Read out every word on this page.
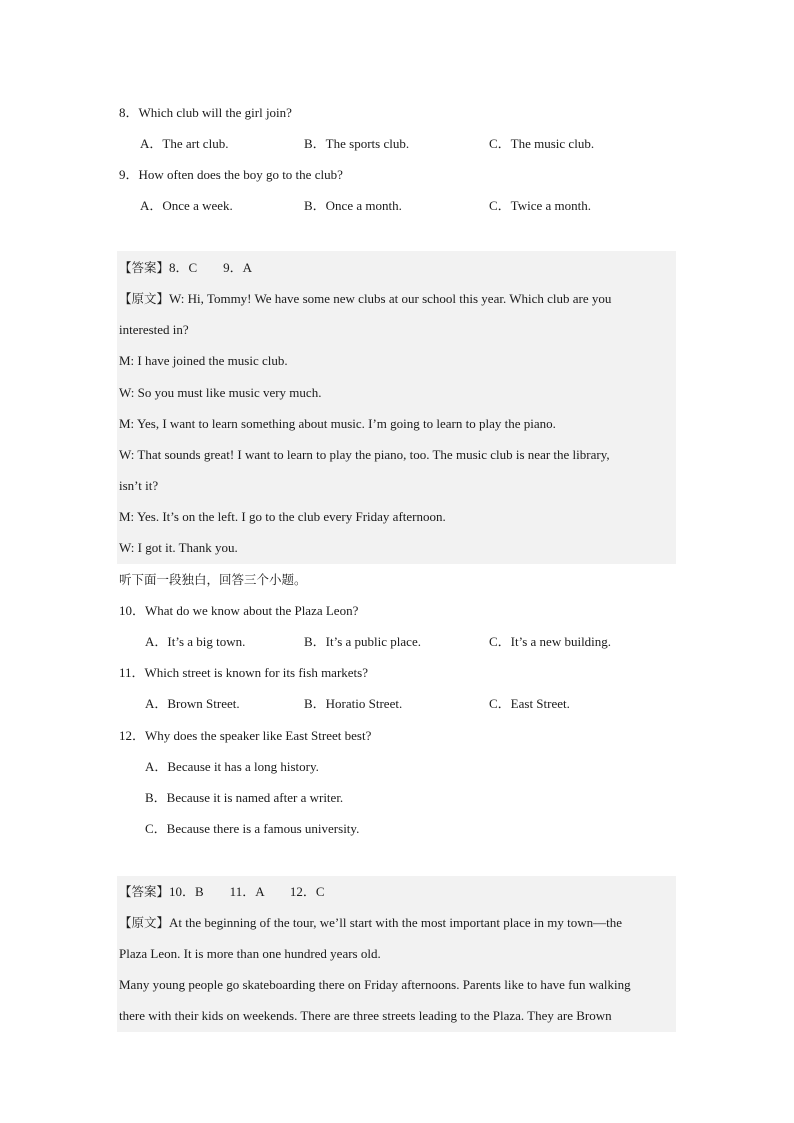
8．Which club will the girl join?
A．The art club.	B．The sports club.	C．The music club.
9．How often does the boy go to the club?
A．Once a week.	B．Once a month.	C．Twice a month.
【答案】8．C　　9．A
【原文】W: Hi, Tommy! We have some new clubs at our school this year. Which club are you
interested in?
M: I have joined the music club.
W: So you must like music very much.
M: Yes, I want to learn something about music. I’m going to learn to play the piano.
W: That sounds great! I want to learn to play the piano, too. The music club is near the library,
isn’t it?
M: Yes. It’s on the left. I go to the club every Friday afternoon.
W: I got it. Thank you.
听下面一段独白，回答三个小题。
10．What do we know about the Plaza Leon?
A．It’s a big town.	B．It’s a public place.	C．It’s a new building.
11．Which street is known for its fish markets?
A．Brown Street.	B．Horatio Street.	C．East Street.
12．Why does the speaker like East Street best?
A．Because it has a long history.
B．Because it is named after a writer.
C．Because there is a famous university.
【答案】10．B　　11．A　　12．C
【原文】At the beginning of the tour, we’ll start with the most important place in my town—the
Plaza Leon. It is more than one hundred years old.
Many young people go skateboarding there on Friday afternoons. Parents like to have fun walking
there with their kids on weekends. There are three streets leading to the Plaza. They are Brown
